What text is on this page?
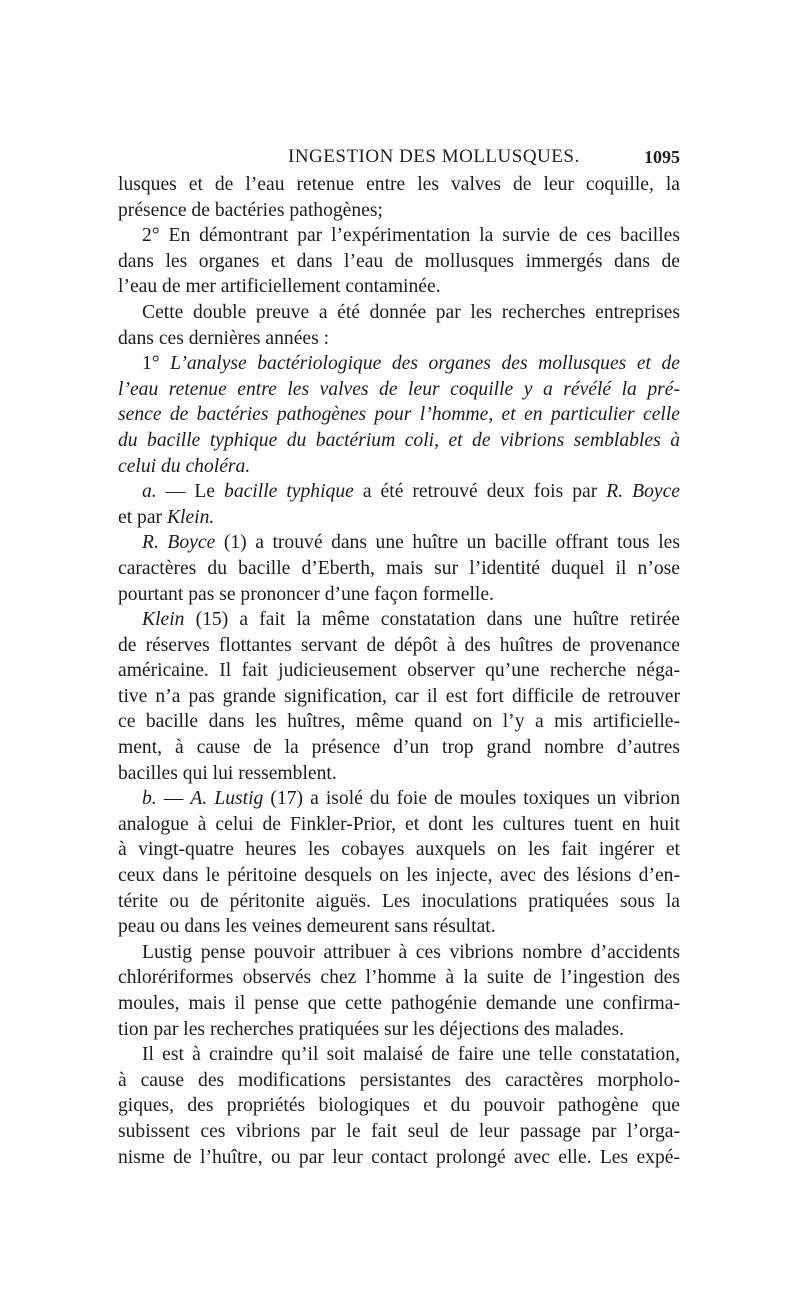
INGESTION DES MOLLUSQUES.	1095
lusques et de l’eau retenue entre les valves de leur coquille, la
présence de bactéries pathogènes;
2° En démontrant par l’expérimentation la survie de ces bacilles
dans les organes et dans l’eau de mollusques immergés dans de
l’eau de mer artificiellement contaminée.
Cette double preuve a été donnée par les recherches entreprises
dans ces dernières années :
1° L’analyse bactériologique des organes des mollusques et de
l’eau retenue entre les valves de leur coquille y a révélé la pré-
sence de bactéries pathogènes pour l’homme, et en particulier celle
du bacille typhique du bactérium coli, et de vibrions semblables à
celui du choléra.
a. — Le bacille typhique a été retrouvé deux fois par R. Boyce
et par Klein.
R. Boyce (1) a trouvé dans une huître un bacille offrant tous les
caractères du bacille d’Eberth, mais sur l’identité duquel il n’ose
pourtant pas se prononcer d’une façon formelle.
Klein (15) a fait la même constatation dans une huître retirée
de réserves flottantes servant de dépôt à des huîtres de provenance
américaine. Il fait judicieusement observer qu’une recherche néga-
tive n’a pas grande signification, car il est fort difficile de retrouver
ce bacille dans les huîtres, même quand on l’y a mis artificielle-
ment, à cause de la présence d’un trop grand nombre d’autres
bacilles qui lui ressemblent.
b. — A. Lustig (17) a isolé du foie de moules toxiques un vibrion
analogue à celui de Finkler-Prior, et dont les cultures tuent en huit
à vingt-quatre heures les cobayes auxquels on les fait ingérer et
ceux dans le péritoine desquels on les injecte, avec des lésions d’en-
térite ou de péritonite aiguës. Les inoculations pratiquées sous la
peau ou dans les veines demeurent sans résultat.
Lustig pense pouvoir attribuer à ces vibrions nombre d’accidents
chlorériformes observés chez l’homme à la suite de l’ingestion des
moules, mais il pense que cette pathogénie demande une confirma-
tion par les recherches pratiquées sur les déjections des malades.
Il est à craindre qu’il soit malaisé de faire une telle constatation,
à cause des modifications persistantes des caractères morpholo-
giques, des propriétés biologiques et du pouvoir pathogène que
subissent ces vibrions par le fait seul de leur passage par l’orga-
nisme de l’huître, ou par leur contact prolongé avec elle. Les expé-
